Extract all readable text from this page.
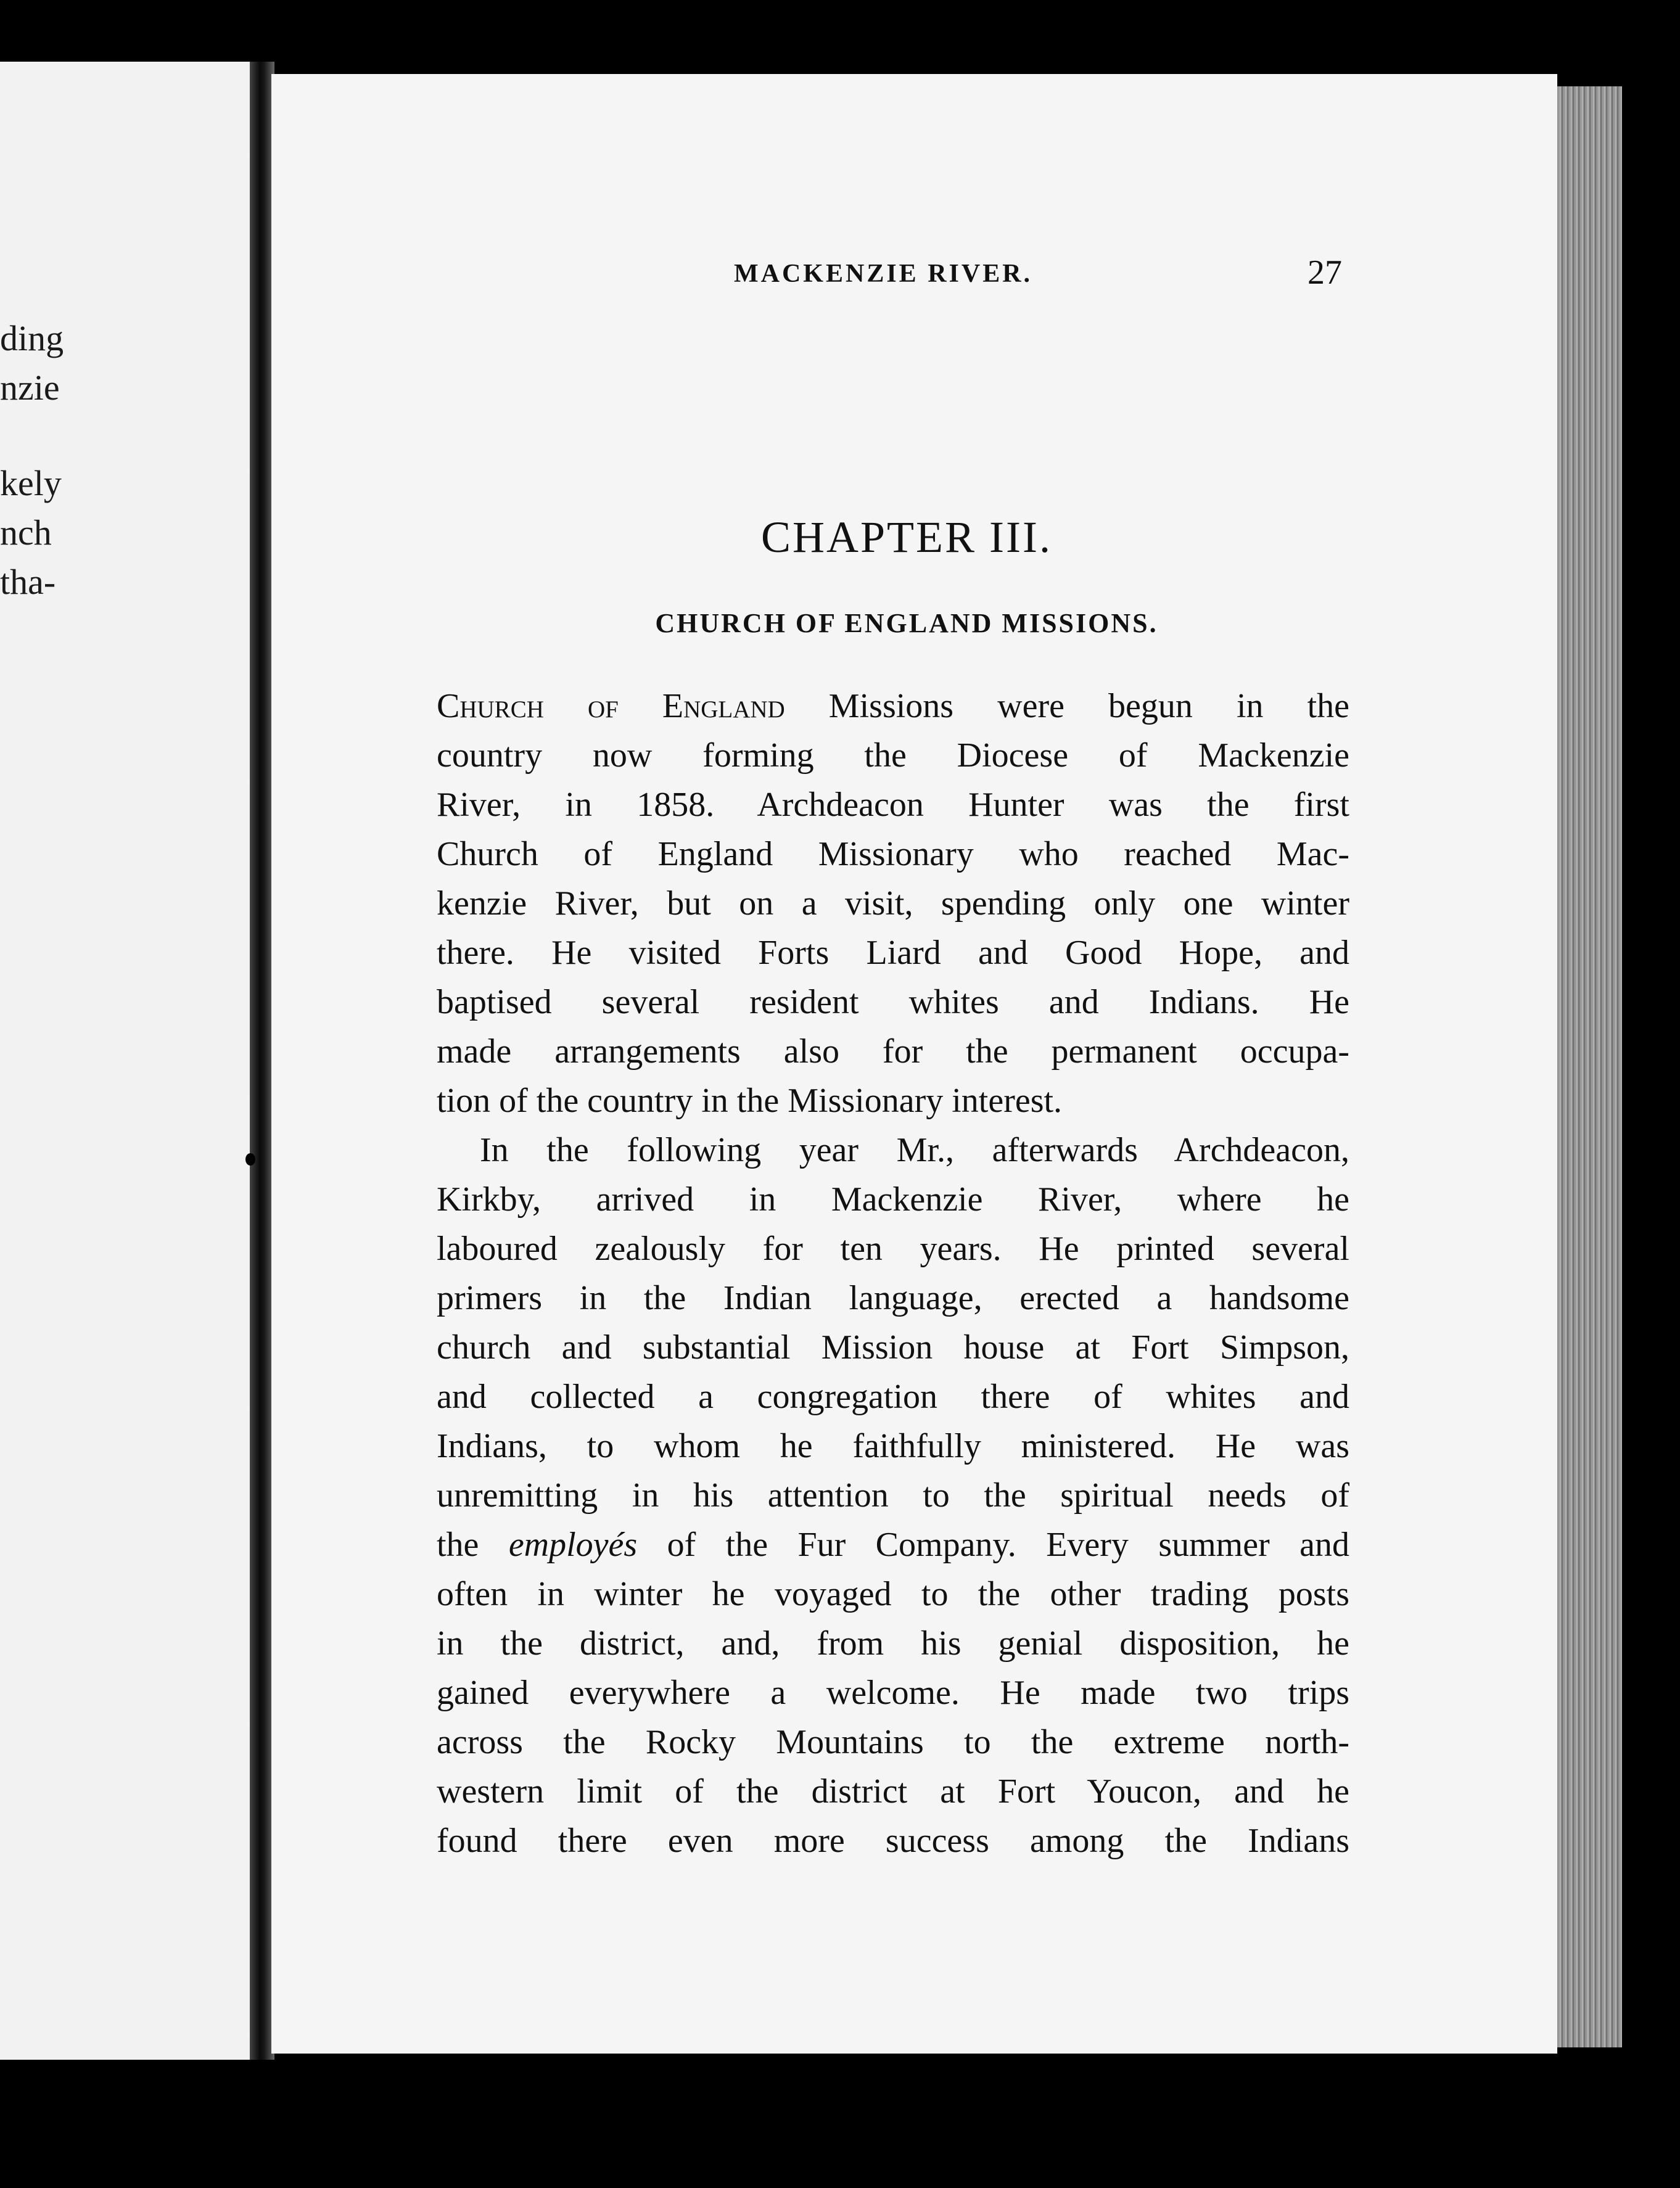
ding
nzie
kely
nch
tha-
MACKENZIE RIVER.	27
CHAPTER III.
CHURCH OF ENGLAND MISSIONS.
Church of England Missions were begun in the
country now forming the Diocese of Mackenzie
River, in 1858. Archdeacon Hunter was the first
Church of England Missionary who reached Mac-
kenzie River, but on a visit, spending only one winter
there. He visited Forts Liard and Good Hope, and
baptised several resident whites and Indians. He
made arrangements also for the permanent occupa-
tion of the country in the Missionary interest.
In the following year Mr., afterwards Archdeacon,
Kirkby, arrived in Mackenzie River, where he
laboured zealously for ten years. He printed several
primers in the Indian language, erected a handsome
church and substantial Mission house at Fort Simpson,
and collected a congregation there of whites and
Indians, to whom he faithfully ministered. He was
unremitting in his attention to the spiritual needs of
the employés of the Fur Company. Every summer and
often in winter he voyaged to the other trading posts
in the district, and, from his genial disposition, he
gained everywhere a welcome. He made two trips
across the Rocky Mountains to the extreme north-
western limit of the district at Fort Youcon, and he
found there even more success among the Indians
